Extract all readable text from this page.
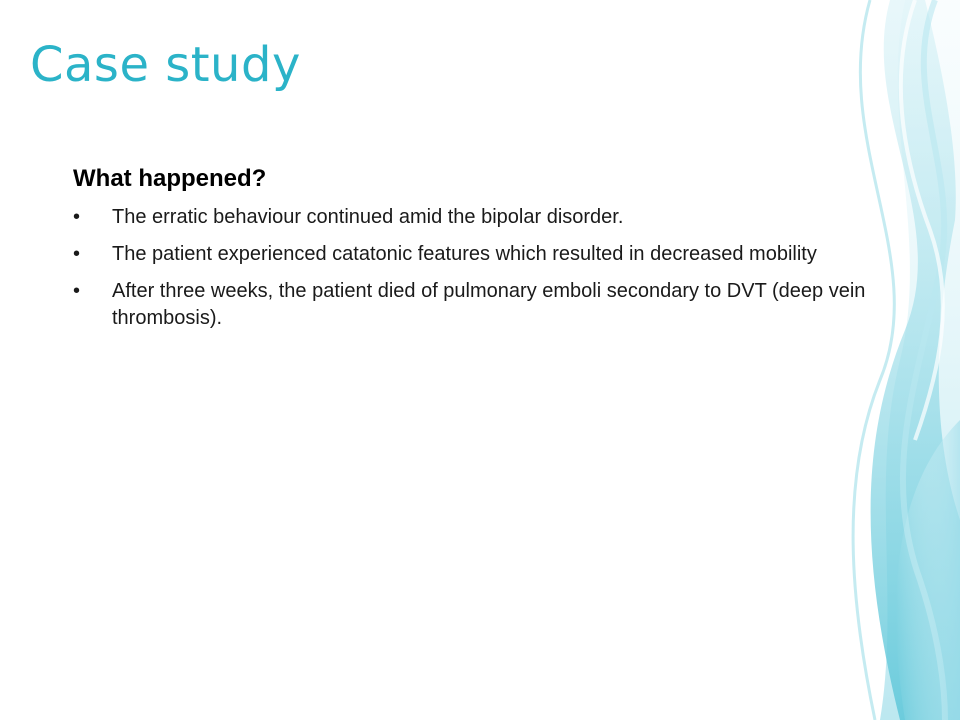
Case study
What happened?
• The erratic behaviour continued amid the bipolar disorder.
• The patient experienced catatonic features which resulted in decreased mobility
• After three weeks, the patient died of pulmonary emboli secondary to DVT (deep vein thrombosis).
